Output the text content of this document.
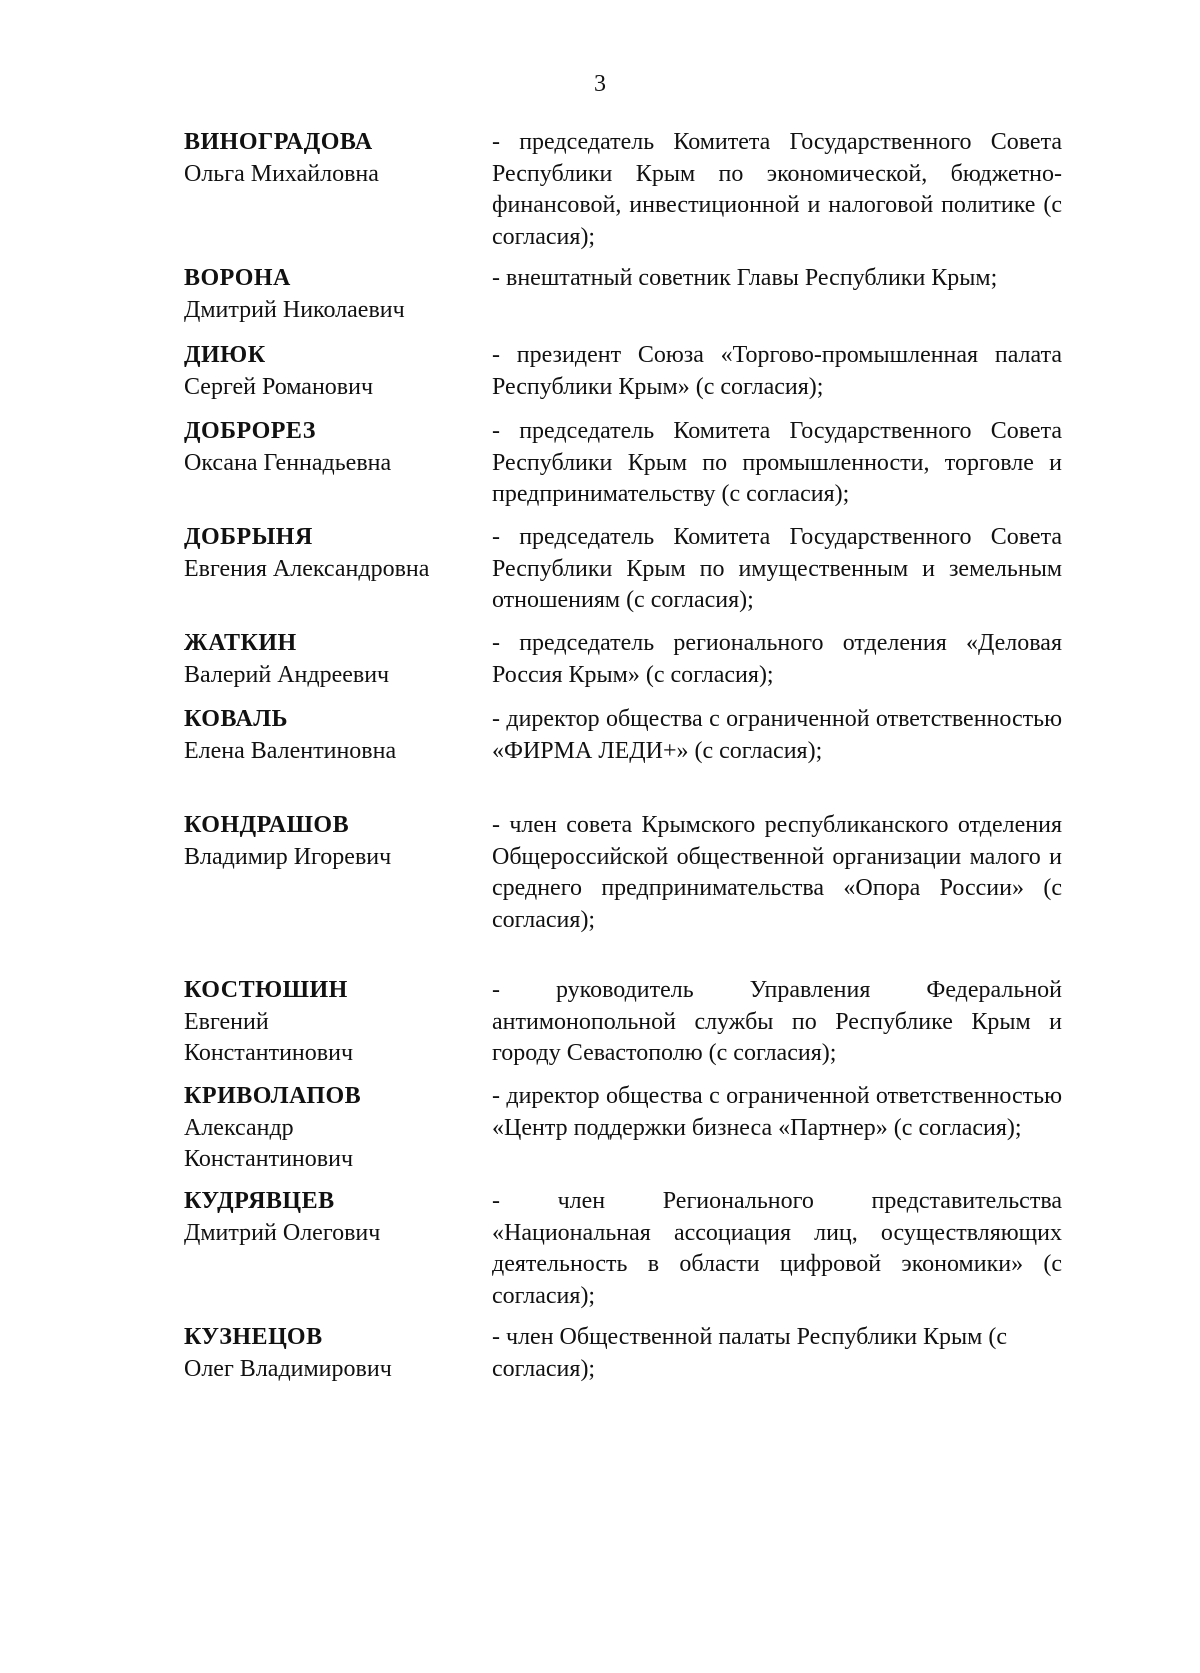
3
ВИНОГРАДОВА
Ольга Михайловна
- председатель Комитета Государственного Совета Республики Крым по экономической, бюджетно-финансовой, инвестиционной и налоговой политике (с согласия);
ВОРОНА
Дмитрий Николаевич
- внештатный советник Главы Республики Крым;
ДИЮК
Сергей Романович
- президент Союза «Торгово-промышленная палата Республики Крым» (с согласия);
ДОБРОРЕЗ
Оксана Геннадьевна
- председатель Комитета Государственного Совета Республики Крым по промышленности, торговле и предпринимательству (с согласия);
ДОБРЫНЯ
Евгения Александровна
- председатель Комитета Государственного Совета Республики Крым по имущественным и земельным отношениям (с согласия);
ЖАТКИН
Валерий Андреевич
- председатель регионального отделения «Деловая Россия Крым» (с согласия);
КОВАЛЬ
Елена Валентиновна
- директор общества с ограниченной ответственностью «ФИРМА ЛЕДИ+» (с согласия);
КОНДРАШОВ
Владимир Игоревич
- член совета Крымского республиканского отделения Общероссийской общественной организации малого и среднего предпринимательства «Опора России» (с согласия);
КОСТЮШИН
Евгений Константинович
- руководитель Управления Федеральной антимонопольной службы по Республике Крым и городу Севастополю (с согласия);
КРИВОЛАПОВ
Александр Константинович
- директор общества с ограниченной ответственностью «Центр поддержки бизнеса «Партнер» (с согласия);
КУДРЯВЦЕВ
Дмитрий Олегович
- член Регионального представительства «Национальная ассоциация лиц, осуществляющих деятельность в области цифровой экономики» (с согласия);
КУЗНЕЦОВ
Олег Владимирович
- член Общественной палаты Республики Крым (с согласия);
